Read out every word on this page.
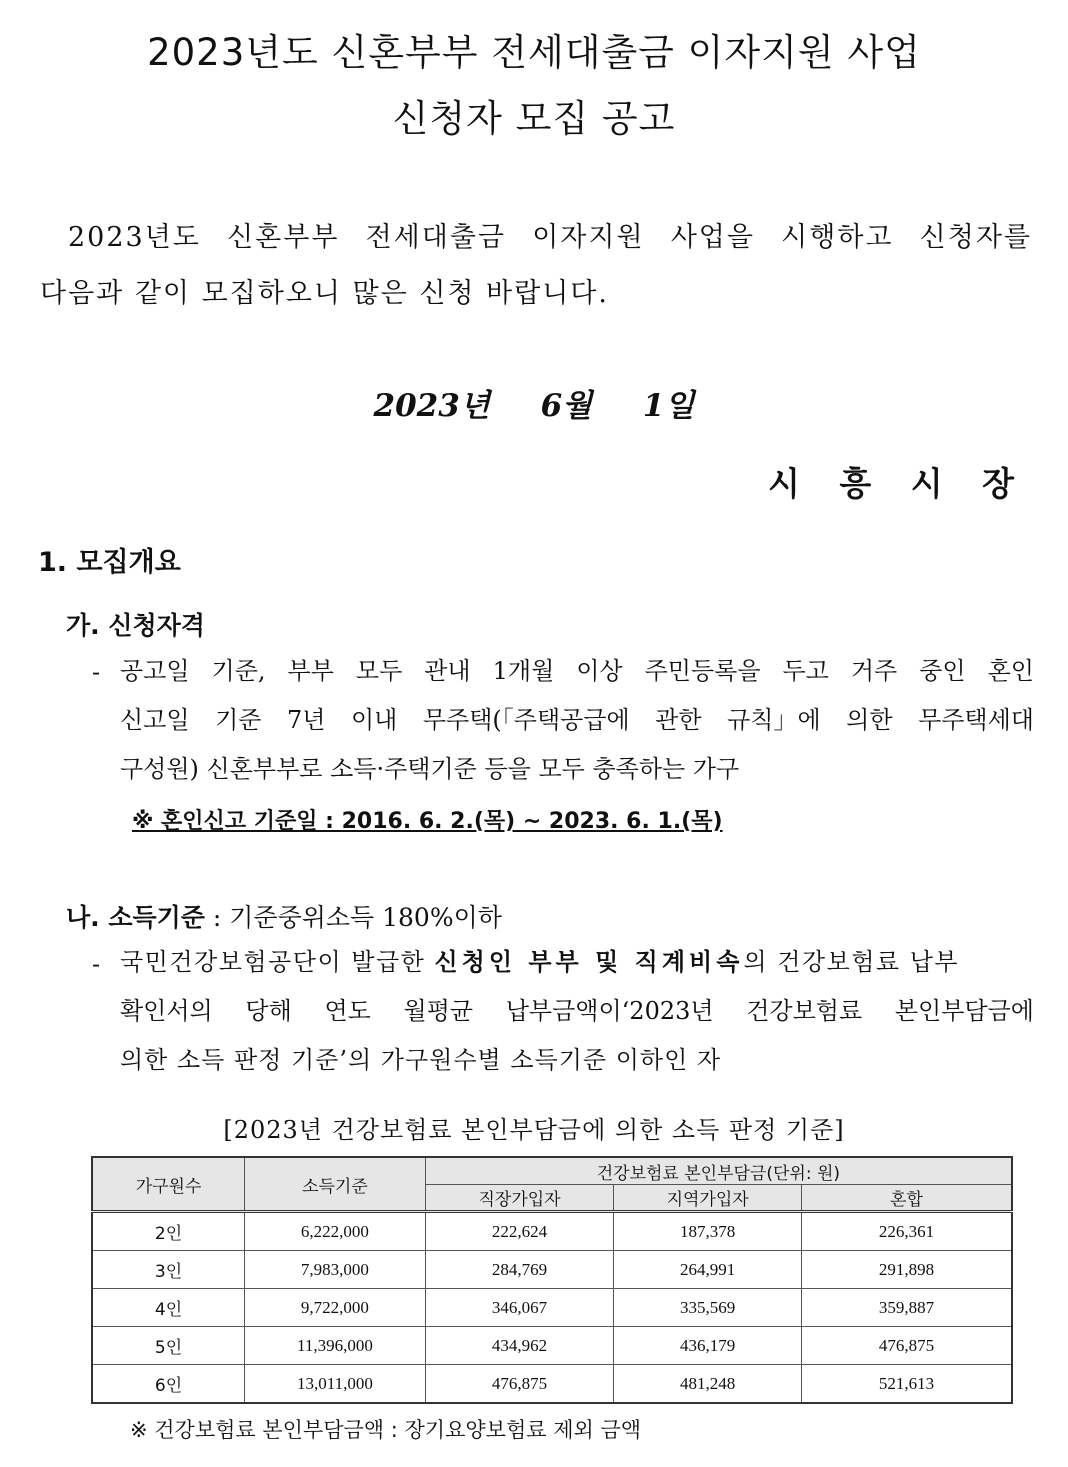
2023년도 신혼부부 전세대출금 이자지원 사업
신청자 모집 공고
2023년도 신혼부부 전세대출금 이자지원 사업을 시행하고 신청자를
다음과 같이 모집하오니 많은 신청 바랍니다.
2023년 6월 1일
시 흥 시 장
1. 모집개요
가. 신청자격
- 공고일 기준, 부부 모두 관내 1개월 이상 주민등록을 두고 거주 중인 혼인
신고일 기준 7년 이내 무주택(「주택공급에 관한 규칙」에 의한 무주택세대
구성원) 신혼부부로 소득·주택기준 등을 모두 충족하는 가구
※ 혼인신고 기준일 : 2016. 6. 2.(목) ~ 2023. 6. 1.(목)
나. 소득기준 : 기준중위소득 180%이하
- 국민건강보험공단이 발급한 신청인 부부 및 직계비속의 건강보험료 납부
확인서의 당해 연도 월평균 납부금액이‘2023년 건강보험료 본인부담금에
의한 소득 판정 기준’의 가구원수별 소득기준 이하인 자
[2023년 건강보험료 본인부담금에 의한 소득 판정 기준]
가구원수	소득기준	건강보험료 본인부담금(단위: 원)		
		직장가입자	지역가입자	혼합
2인	6,222,000	222,624	187,378	226,361
3인	7,983,000	284,769	264,991	291,898
4인	9,722,000	346,067	335,569	359,887
5인	11,396,000	434,962	436,179	476,875
6인	13,011,000	476,875	481,248	521,613
※ 건강보험료 본인부담금액 : 장기요양보험료 제외 금액
